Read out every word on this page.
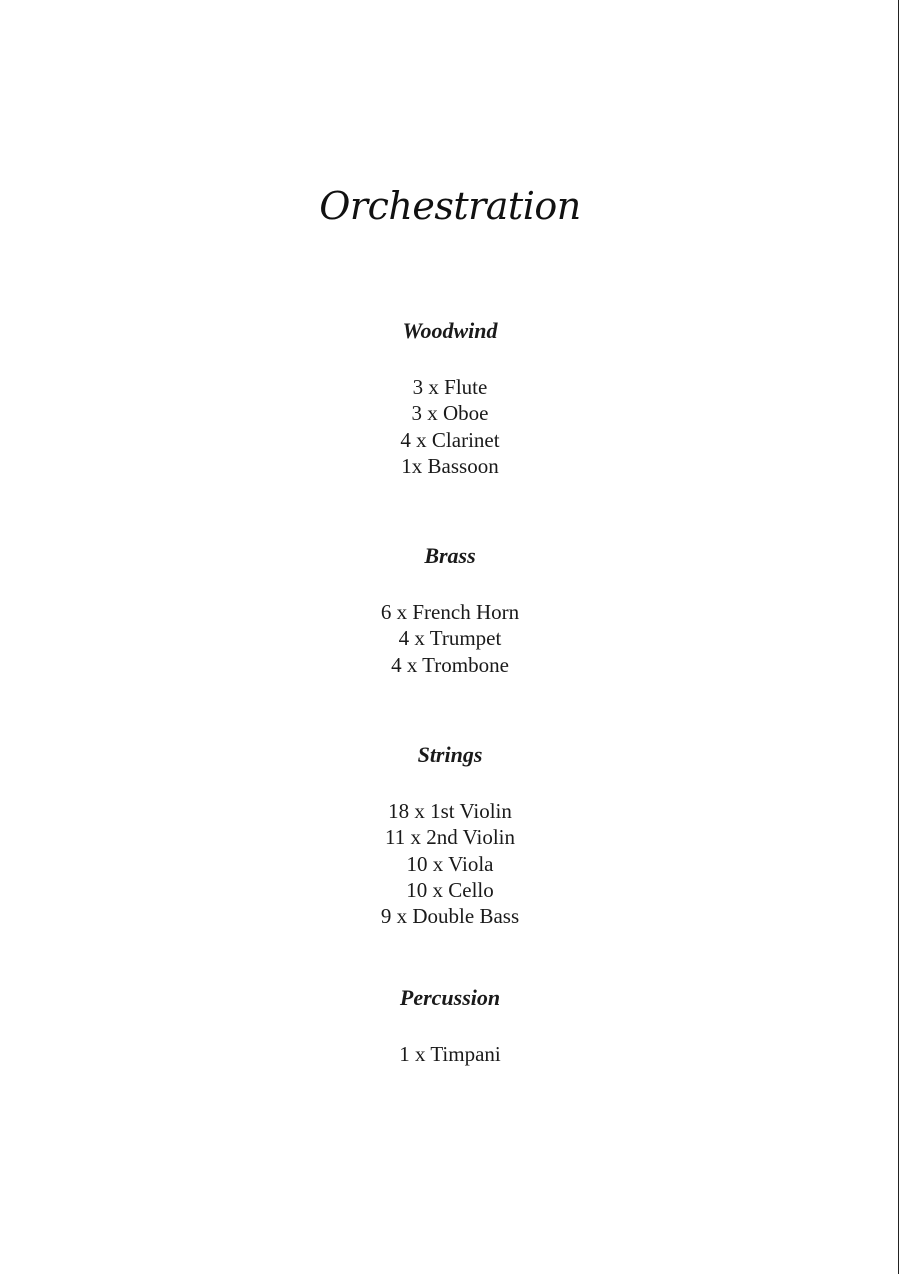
Orchestration
Woodwind
3 x Flute
3 x Oboe
4 x Clarinet
1x Bassoon
Brass
6 x French Horn
4 x Trumpet
4 x Trombone
Strings
18 x 1st Violin
11 x 2nd Violin
10 x Viola
10 x Cello
9 x Double Bass
Percussion
1 x Timpani
